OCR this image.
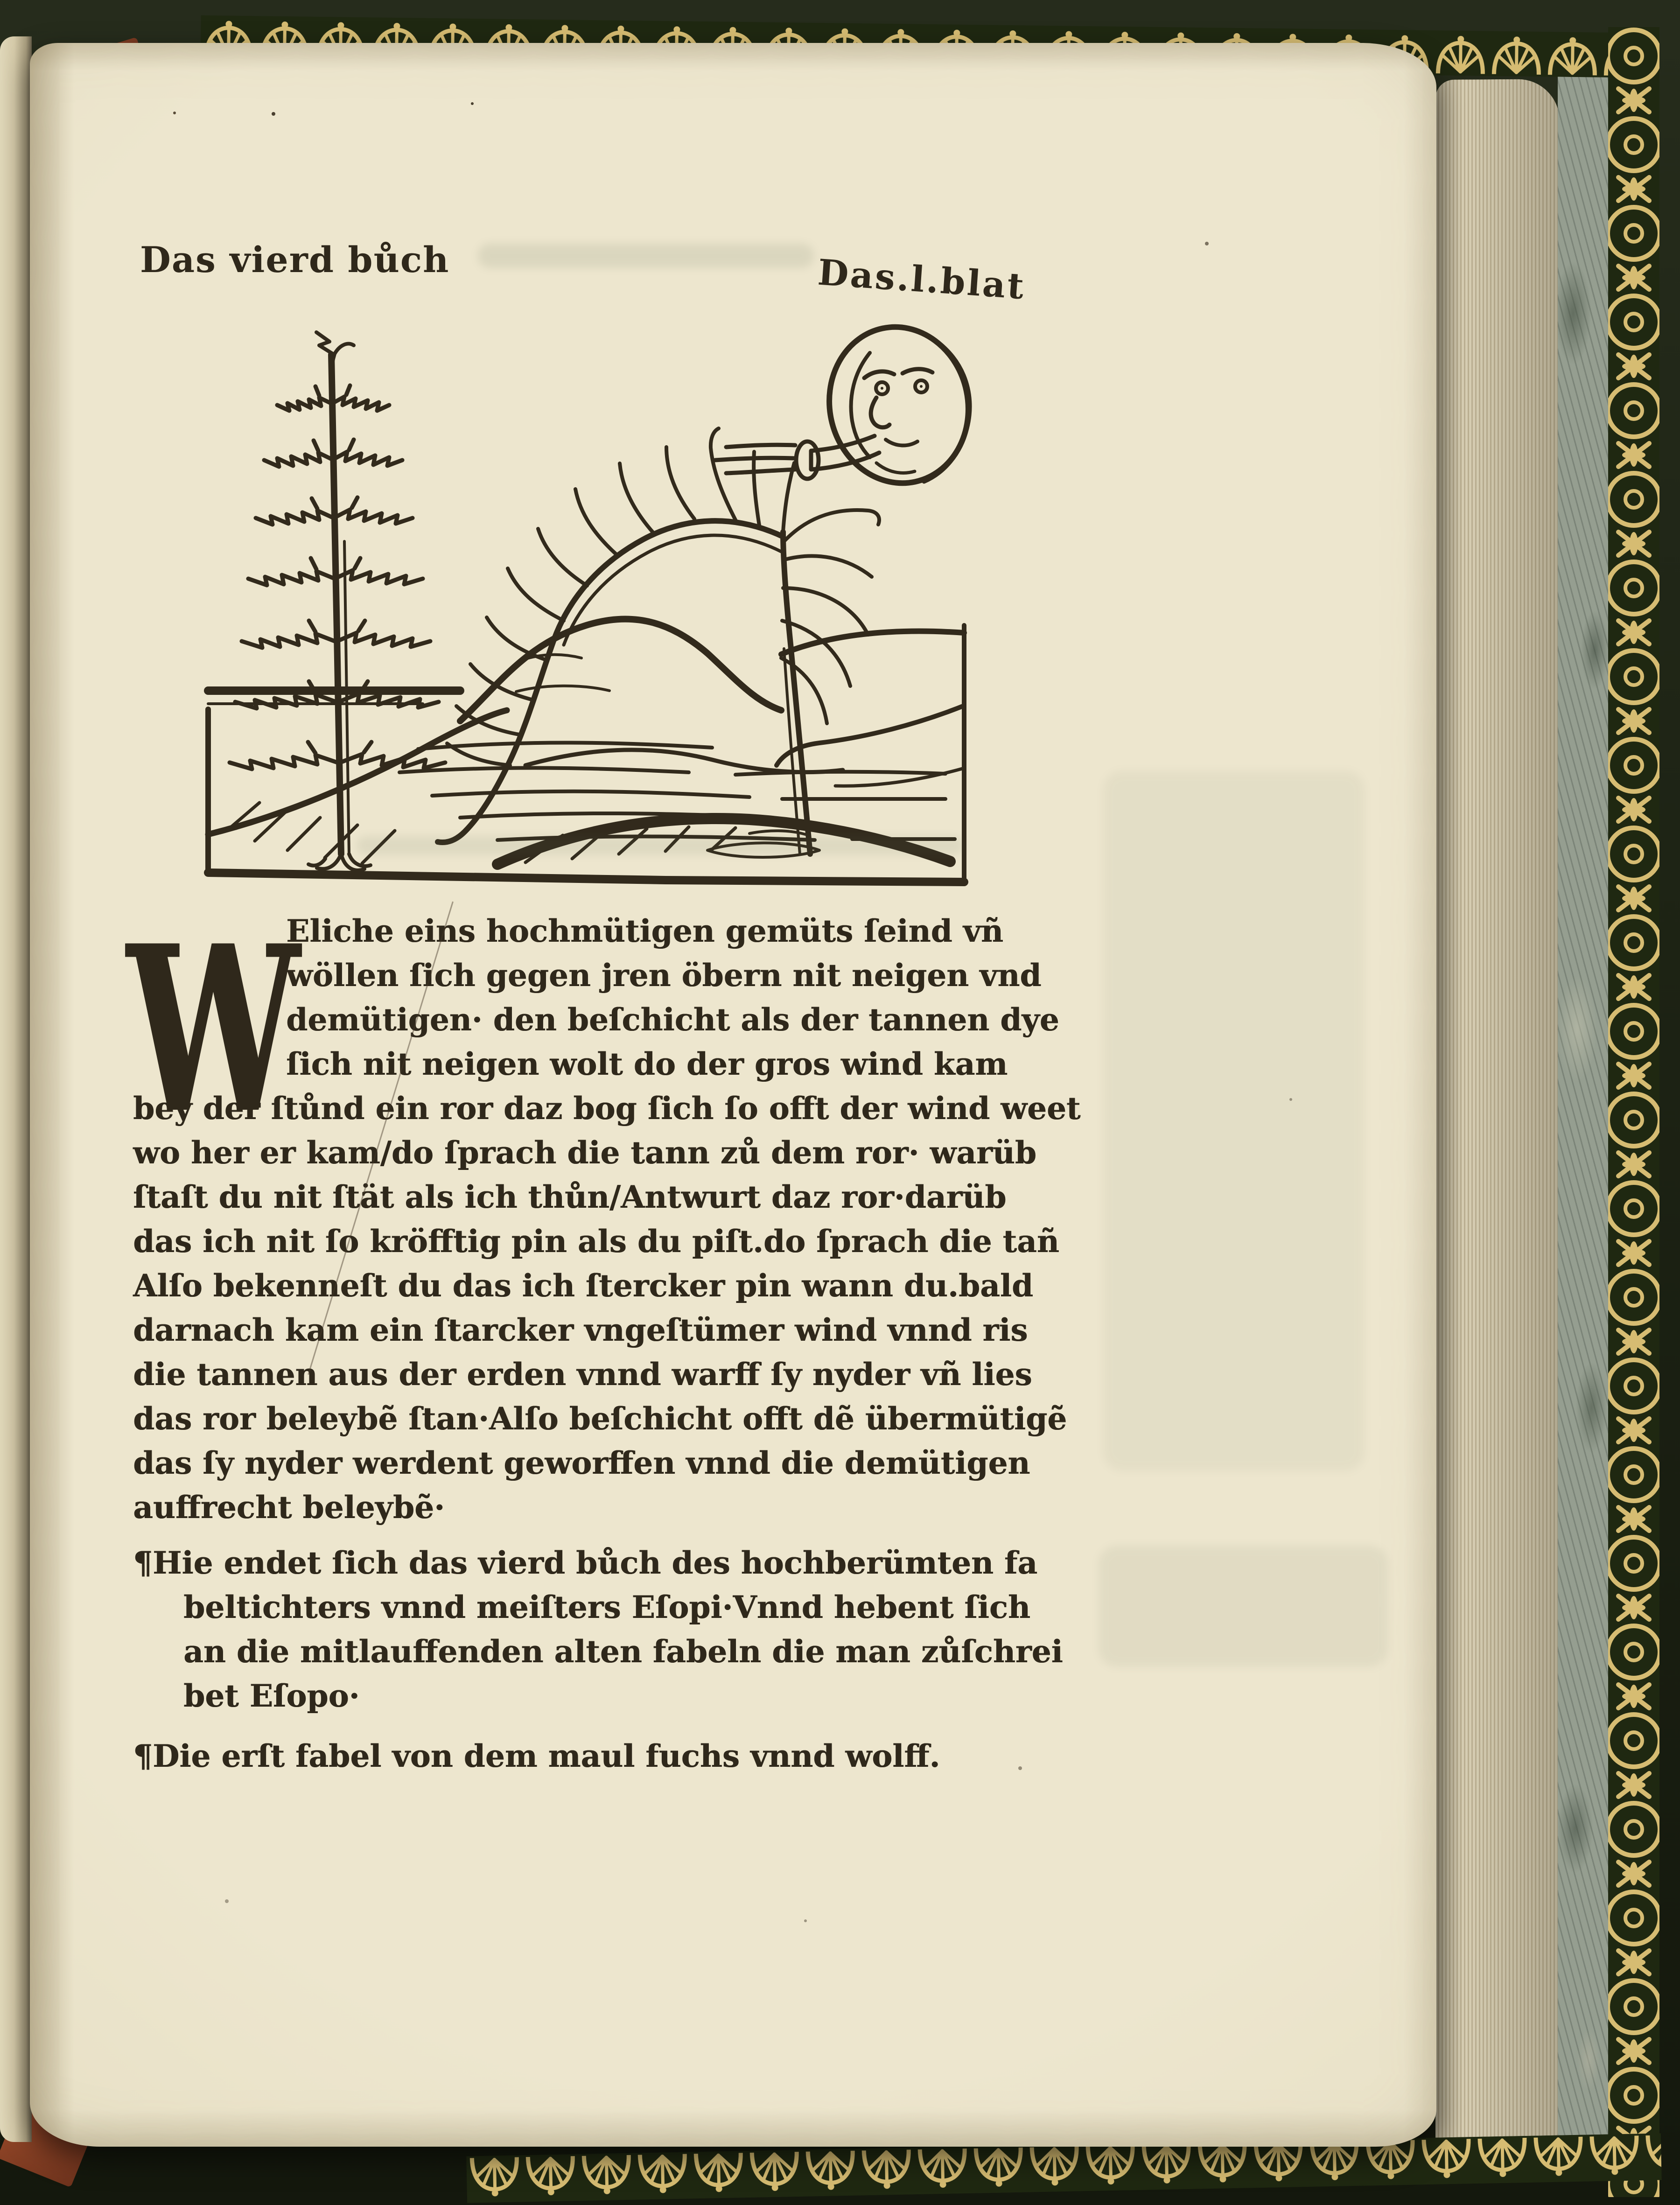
Das vierd bůch	Das.l.blat
W
Eliche eins hochmütigen gemüts ſeind vñ
wöllen ſich gegen jren öbern nit neigen vnd
demütigen· den beſchicht als der tannen dye
ſich nit neigen wolt do der gros wind kam
bey der ſtůnd ein ror daz bog ſich ſo offt der wind weet
wo her er kam/do ſprach die tann zů dem ror· warüb
ſtaſt du nit ſtät als ich thůn/Antwurt daz ror·darüb
das ich nit ſo kröfftig pin als du piſt.do ſprach die tañ
Alſo bekenneſt du das ich ſtercker pin wann du.bald
darnach kam ein ſtarcker vngeſtümer wind vnnd ris
die tannen aus der erden vnnd warff ſy nyder vñ lies
das ror beleybẽ ſtan·Alſo beſchicht offt dẽ übermütigẽ
das ſy nyder werdent geworffen vnnd die demütigen
auffrecht beleybẽ·
¶Hie endet ſich das vierd bůch des hochberümten fa
beltichters vnnd meiſters Eſopi·Vnnd hebent ſich
an die mitlauffenden alten fabeln die man zůſchrei
bet Eſopo·
¶Die erſt fabel von dem maul fuchs vnnd wolff.
